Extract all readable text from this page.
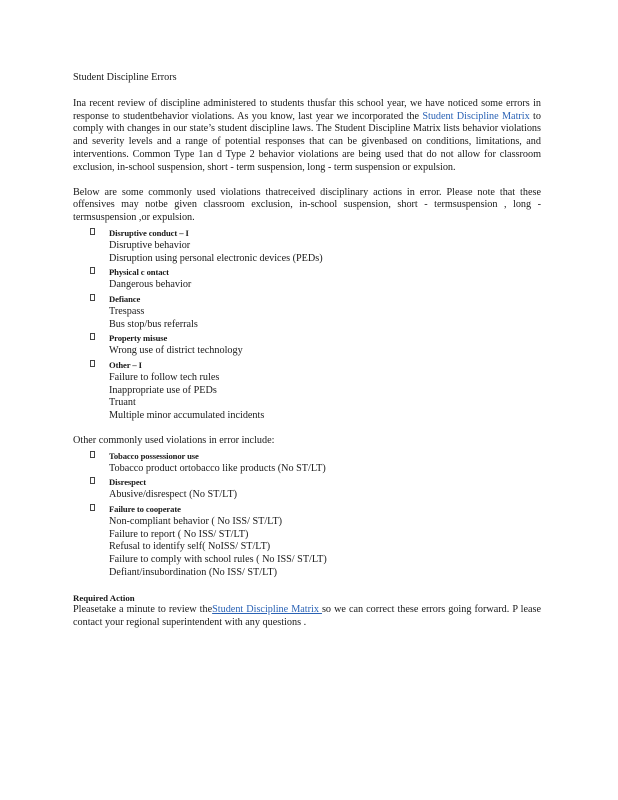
Student Discipline Errors

Ina recent review of discipline administered to students thusfar this school year, we have noticed some errors in response to studentbehavior violations. As you know, last year we incorporated the Student Discipline Matrix to comply with changes in our state’s student discipline laws. The Student Discipline Matrix lists behavior violations and severity levels and a range of potential responses that can be givenbased on conditions, limitations, and interventions. Common Type 1an d Type 2 behavior violations are being used that do not allow for classroom exclusion, in-school suspension, short - term suspension, long - term suspension or expulsion.

Below are some commonly used violations thatreceived disciplinary actions in error. Please note that these offensives may notbe given classroom exclusion, in-school suspension, short - termsuspension , long - termsuspension ,or expulsion.

Disruptive conduct – I
Disruptive behavior
Disruption using personal electronic devices (PEDs)
Physical c ontact
Dangerous behavior
Defiance
Trespass
Bus stop/bus referrals
Property misuse
Wrong use of district technology
Other – I
Failure to follow tech rules
Inappropriate use of PEDs
Truant
Multiple minor accumulated incidents

Other commonly used violations in error include:

Tobacco possessionor use
Tobacco product ortobacco like products (No ST/LT)
Disrespect
Abusive/disrespect (No ST/LT)
Failure to cooperate
Non-compliant behavior ( No ISS/ ST/LT)
Failure to report ( No ISS/ ST/LT)
Refusal to identify self( NoISS/ ST/LT)
Failure to comply with school rules ( No ISS/ ST/LT)
Defiant/insubordination (No ISS/ ST/LT)
Required Action

Pleasetake a minute to review theStudent Discipline Matrix so we can correct these errors going forward. P lease contact your regional superintendent with any questions .
